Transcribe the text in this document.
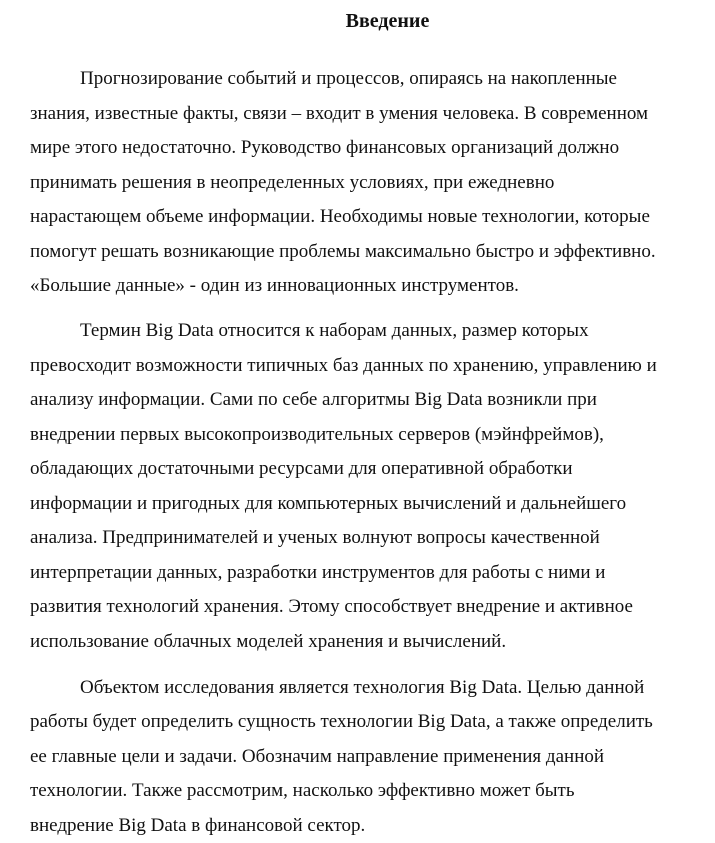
Введение

Прогнозирование событий и процессов, опираясь на накопленные

знания, известные факты, связи – входит в умения человека. В современном

мире этого недостаточно. Руководство финансовых организаций должно

принимать решения в неопределенных условиях, при ежедневно

нарастающем объеме информации. Необходимы новые технологии, которые

помогут решать возникающие проблемы максимально быстро и эффективно.

«Большие данные» - один из инновационных инструментов.

Термин Big Data относится к наборам данных, размер которых

превосходит возможности типичных баз данных по хранению, управлению и

анализу информации. Сами по себе алгоритмы Big Data возникли при

внедрении первых высокопроизводительных серверов (мэйнфреймов),

обладающих достаточными ресурсами для оперативной обработки

информации и пригодных для компьютерных вычислений и дальнейшего

анализа. Предпринимателей и ученых волнуют вопросы качественной

интерпретации данных, разработки инструментов для работы с ними и

развития технологий хранения. Этому способствует внедрение и активное

использование облачных моделей хранения и вычислений.

Объектом исследования является технология Big Data. Целью данной

работы будет определить сущность технологии Big Data, а также определить

ее главные цели и задачи. Обозначим направление применения данной

технологии. Также рассмотрим, насколько эффективно может быть

внедрение Big Data в финансовой сектор.
